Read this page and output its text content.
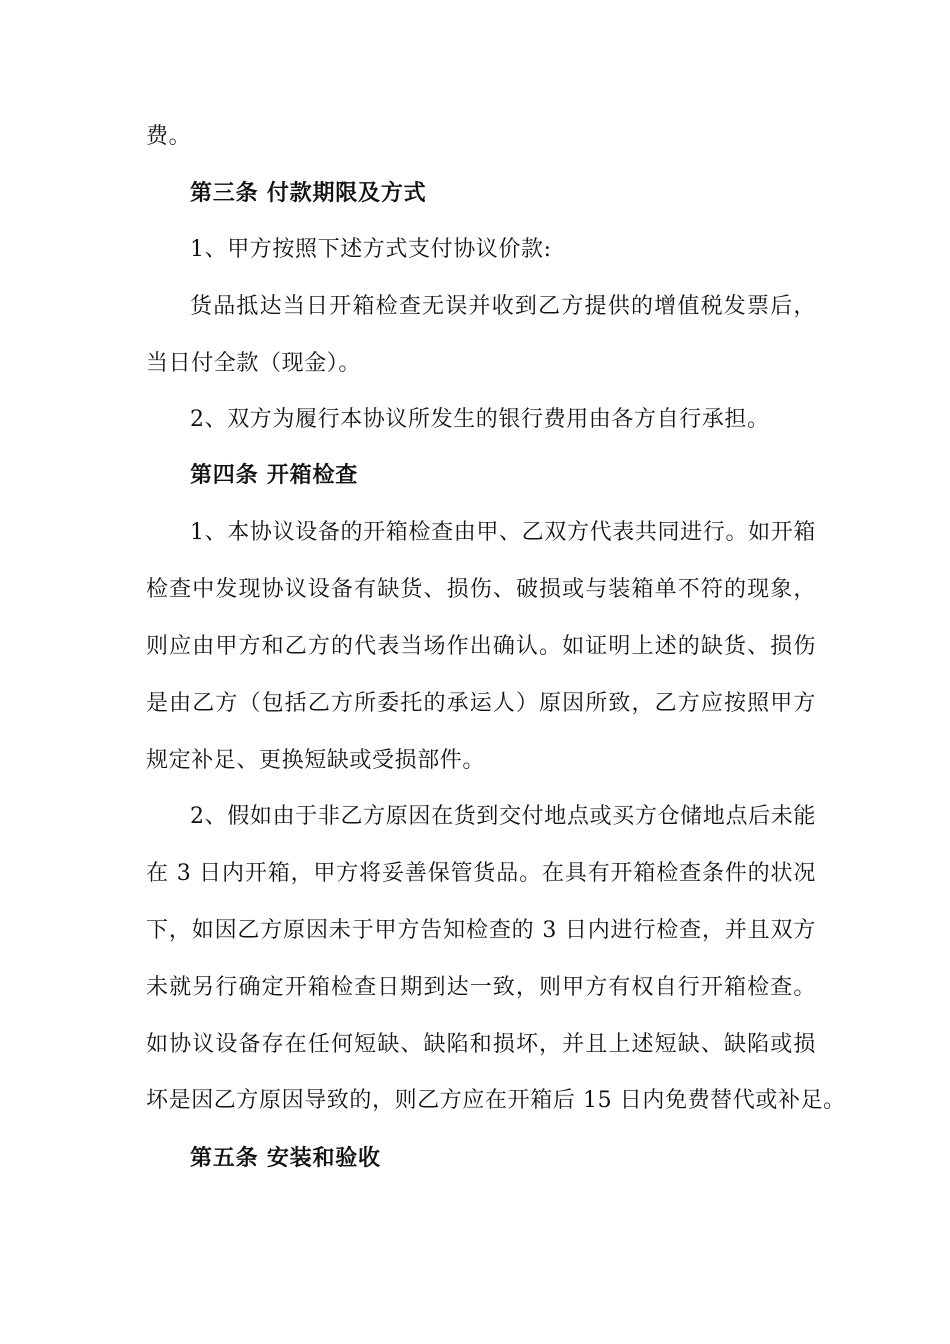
费。
第三条 付款期限及方式
1、甲方按照下述方式支付协议价款:
货品抵达当日开箱检查无误并收到乙方提供的增值税发票后，
当日付全款（现金）。
2、双方为履行本协议所发生的银行费用由各方自行承担。
第四条 开箱检查
1、本协议设备的开箱检查由甲、乙双方代表共同进行。如开箱
检查中发现协议设备有缺货、损伤、破损或与装箱单不符的现象，
则应由甲方和乙方的代表当场作出确认。如证明上述的缺货、损伤
是由乙方（包括乙方所委托的承运人）原因所致，乙方应按照甲方
规定补足、更换短缺或受损部件。
2、假如由于非乙方原因在货到交付地点或买方仓储地点后未能
在 3 日内开箱，甲方将妥善保管货品。在具有开箱检查条件的状况
下，如因乙方原因未于甲方告知检查的 3 日内进行检查，并且双方
未就另行确定开箱检查日期到达一致，则甲方有权自行开箱检查。
如协议设备存在任何短缺、缺陷和损坏，并且上述短缺、缺陷或损
坏是因乙方原因导致的，则乙方应在开箱后 15 日内免费替代或补足。
第五条 安装和验收
